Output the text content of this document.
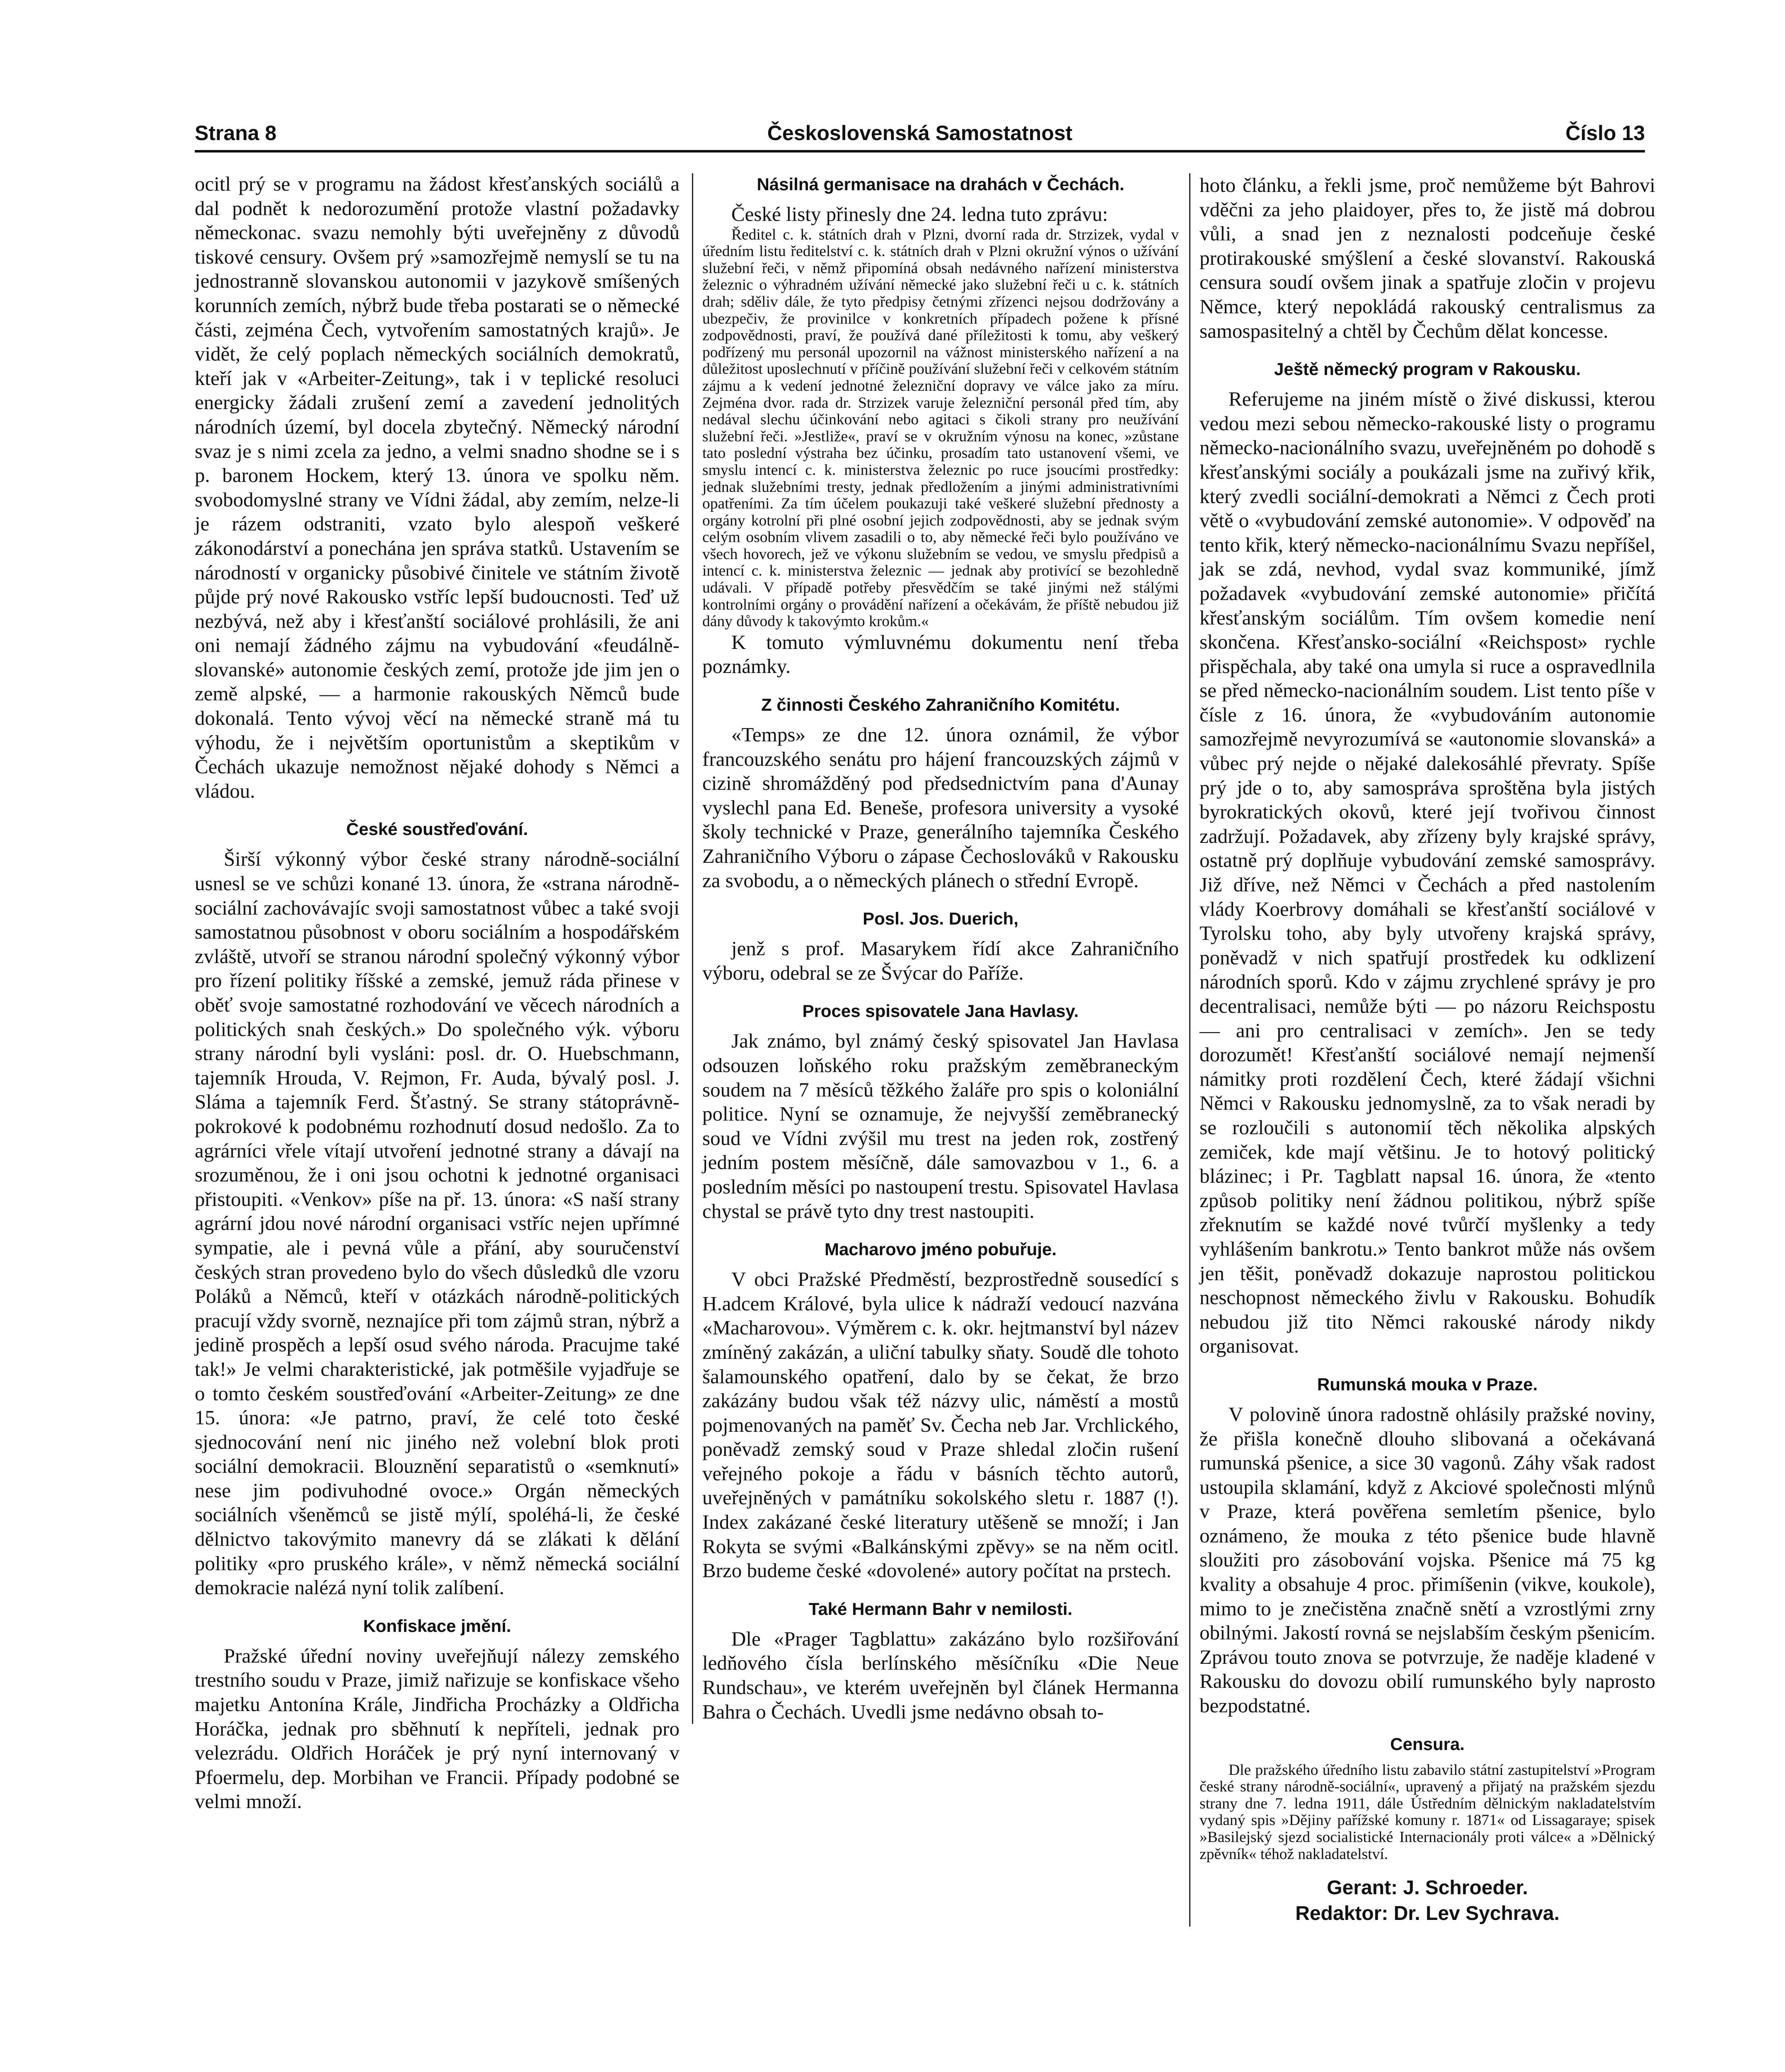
Strana 8	Československá Samostatnost	Číslo 13

ocitl prý se v programu na žádost křesťanských sociálů a dal podnět k nedorozumění protože vlastní požadavky německonac. svazu nemohly býti uveřejněny z důvodů tiskové censury. Ovšem prý »samozřejmě nemyslí se tu na jednostranně slovanskou autonomii v jazykově smíšených korunních zemích, nýbrž bude třeba postarati se o německé části, zejména Čech, vytvořením samostatných krajů». Je vidět, že celý poplach německých sociálních demokratů, kteří jak v «Arbeiter-Zeitung», tak i v teplické resoluci energicky žádali zrušení zemí a zavedení jednolitých národních území, byl docela zbytečný. Německý národní svaz je s nimi zcela za jedno, a velmi snadno shodne se i s p. baronem Hockem, který 13. února ve spolku něm. svobodomyslné strany ve Vídni žádal, aby zemím, nelze-li je rázem odstraniti, vzato bylo alespoň veškeré zákonodárství a ponechána jen správa statků. Ustavením se národností v organicky působivé činitele ve státním životě půjde prý nové Rakousko vstříc lepší budoucnosti. Teď už nezbývá, než aby i křesťanští sociálové prohlásili, že ani oni nemají žádného zájmu na vybudování «feudálně-slovanské» autonomie českých zemí, protože jde jim jen o země alpské, — a harmonie rakouských Němců bude dokonalá. Tento vývoj věcí na německé straně má tu výhodu, že i největším oportunistům a skeptikům v Čechách ukazuje nemožnost nějaké dohody s Němci a vládou.

České soustřeďování.

Širší výkonný výbor české strany národně-sociální usnesl se ve schůzi konané 13. února, že «strana národně-sociální zachovávajíc svoji samostatnost vůbec a také svoji samostatnou působnost v oboru sociálním a hospodářském zvláště, utvoří se stranou národní společný výkonný výbor pro řízení politiky říšské a zemské, jemuž ráda přinese v oběť svoje samostatné rozhodování ve věcech národních a politických snah českých.» Do společného výk. výboru strany národní byli vysláni: posl. dr. O. Huebschmann, tajemník Hrouda, V. Rejmon, Fr. Auda, bývalý posl. J. Sláma a tajemník Ferd. Šťastný. Se strany státoprávně-pokrokové k podobnému rozhodnutí dosud nedošlo. Za to agrárníci vřele vítají utvoření jednotné strany a dávají na srozuměnou, že i oni jsou ochotni k jednotné organisaci přistoupiti. «Venkov» píše na př. 13. února: «S naší strany agrární jdou nové národní organisaci vstříc nejen upřímné sympatie, ale i pevná vůle a přání, aby souručenství českých stran provedeno bylo do všech důsledků dle vzoru Poláků a Němců, kteří v otázkách národně-politických pracují vždy svorně, neznajíce při tom zájmů stran, nýbrž a jedině prospěch a lepší osud svého národa. Pracujme také tak!» Je velmi charakteristické, jak potměšile vyjadřuje se o tomto českém soustřeďování «Arbeiter-Zeitung» ze dne 15. února: «Je patrno, praví, že celé toto české sjednocování není nic jiného než volební blok proti sociální demokracii. Blouznění separatistů o «semknutí» nese jim podivuhodné ovoce.» Orgán německých sociálních všeněmců se jistě mýlí, spoléhá-li, že české dělnictvo takovýmito manevry dá se zlákati k dělání politiky «pro pruského krále», v němž německá sociální demokracie nalézá nyní tolik zalíbení.

Konfiskace jmění.

Pražské úřední noviny uveřejňují nálezy zemského trestního soudu v Praze, jimiž nařizuje se konfiskace všeho majetku Antonína Krále, Jindřicha Procházky a Oldřicha Horáčka, jednak pro sběhnutí k nepříteli, jednak pro velezrádu. Oldřich Horáček je prý nyní internovaný v Pfoermelu, dep. Morbihan ve Francii. Případy podobné se velmi množí.

Násilná germanisace na drahách v Čechách.

České listy přinesly dne 24. ledna tuto zprávu:

Ředitel c. k. státních drah v Plzni, dvorní rada dr. Strzizek, vydal v úředním listu ředitelství c. k. státních drah v Plzni okružní výnos o užívání služební řeči, v němž připomíná obsah nedávného nařízení ministerstva železnic o výhradném užívání německé jako služební řeči u c. k. státních drah; sděliv dále, že tyto předpisy četnými zřízenci nejsou dodržovány a ubezpečiv, že provinilce v konkretních případech požene k přísné zodpovědnosti, praví, že používá dané příležitosti k tomu, aby veškerý podřízený mu personál upozornil na vážnost ministerského nařízení a na důležitost uposlechnutí v příčině používání služební řeči v celkovém státním zájmu a k vedení jednotné železniční dopravy ve válce jako za míru. Zejména dvor. rada dr. Strzizek varuje železniční personál před tím, aby nedával slechu účinkování nebo agitaci s čikoli strany pro neužívání služební řeči. »Jestliže«, praví se v okružním výnosu na konec, »zůstane tato poslední výstraha bez účinku, prosadím tato ustanovení všemi, ve smyslu intencí c. k. ministerstva železnic po ruce jsoucími prostředky: jednak služebními tresty, jednak předložením a jinými administrativními opatřeními. Za tím účelem poukazuji také veškeré služební přednosty a orgány kotrolní při plné osobní jejich zodpovědnosti, aby se jednak svým celým osobním vlivem zasadili o to, aby německé řeči bylo používáno ve všech hovorech, jež ve výkonu služebním se vedou, ve smyslu předpisů a intencí c. k. ministerstva železnic — jednak aby protivící se bezohledně udávali. V případě potřeby přesvědčím se také jinými než stálými kontrolními orgány o provádění nařízení a očekávám, že příště nebudou již dány důvody k takovýmto krokům.«

K tomuto výmluvnému dokumentu není třeba poznámky.

Z činnosti Českého Zahraničního Komitétu.

«Temps» ze dne 12. února oznámil, že výbor francouzského senátu pro hájení francouzských zájmů v cizině shromážděný pod předsednictvím pana d'Aunay vyslechl pana Ed. Beneše, profesora university a vysoké školy technické v Praze, generálního tajemníka Českého Zahraničního Výboru o zápase Čechoslováků v Rakousku za svobodu, a o německých plánech o střední Evropě.

Posl. Jos. Duerich,

jenž s prof. Masarykem řídí akce Zahraničního výboru, odebral se ze Švýcar do Paříže.

Proces spisovatele Jana Havlasy.

Jak známo, byl známý český spisovatel Jan Havlasa odsouzen loňského roku pražským zeměbraneckým soudem na 7 měsíců těžkého žaláře pro spis o koloniální politice. Nyní se oznamuje, že nejvyšší zeměbranecký soud ve Vídni zvýšil mu trest na jeden rok, zostřený jedním postem měsíčně, dále samovazbou v 1., 6. a posledním měsíci po nastoupení trestu. Spisovatel Havlasa chystal se právě tyto dny trest nastoupiti.

Macharovo jméno pobuřuje.

V obci Pražské Předměstí, bezprostředně sousedící s H.adcem Králové, byla ulice k nádraží vedoucí nazvána «Macharovou». Výměrem c. k. okr. hejtmanství byl název zmíněný zakázán, a uliční tabulky sňaty. Soudě dle tohoto šalamounského opatření, dalo by se čekat, že brzo zakázány budou však též názvy ulic, náměstí a mostů pojmenovaných na paměť Sv. Čecha neb Jar. Vrchlického, poněvadž zemský soud v Praze shledal zločin rušení veřejného pokoje a řádu v básních těchto autorů, uveřejněných v památníku sokolského sletu r. 1887 (!). Index zakázané české literatury utěšeně se množí; i Jan Rokyta se svými «Balkánskými zpěvy» se na něm ocitl. Brzo budeme české «dovolené» autory počítat na prstech.

Také Hermann Bahr v nemilosti.

Dle «Prager Tagblattu» zakázáno bylo rozšiřování ledňového čísla berlínského měsíčníku «Die Neue Rundschau», ve kterém uveřejněn byl článek Hermanna Bahra o Čechách. Uvedli jsme nedávno obsah to-

hoto článku, a řekli jsme, proč nemůžeme být Bahrovi vděčni za jeho plaidoyer, přes to, že jistě má dobrou vůli, a snad jen z neznalosti podceňuje české protirakouské smýšlení a české slovanství. Rakouská censura soudí ovšem jinak a spatřuje zločin v projevu Němce, který nepokládá rakouský centralismus za samospasitelný a chtěl by Čechům dělat koncesse.

Ještě německý program v Rakousku.

Referujeme na jiném místě o živé diskussi, kterou vedou mezi sebou německo-rakouské listy o programu německo-nacionálního svazu, uveřejněném po dohodě s křesťanskými sociály a poukázali jsme na zuřivý křik, který zvedli sociální-demokrati a Němci z Čech proti větě o «vybudování zemské autonomie». V odpověď na tento křik, který německo-nacionálnímu Svazu nepříšel, jak se zdá, nevhod, vydal svaz kommuniké, jímž požadavek «vybudování zemské autonomie» přičítá křesťanským sociálům. Tím ovšem komedie není skončena. Křesťansko-sociální «Reichspost» rychle přispěchala, aby také ona umyla si ruce a ospravedlnila se před německo-nacionálním soudem. List tento píše v čísle z 16. února, že «vybudováním autonomie samozřejmě nevyrozumívá se «autonomie slovanská» a vůbec prý nejde o nějaké dalekosáhlé převraty. Spíše prý jde o to, aby samospráva sproštěna byla jistých byrokratických okovů, které její tvořivou činnost zadržují. Požadavek, aby zřízeny byly krajské správy, ostatně prý doplňuje vybudování zemské samosprávy. Již dříve, než Němci v Čechách a před nastolením vlády Koerbrovy domáhali se křesťanští sociálové v Tyrolsku toho, aby byly utvořeny krajská správy, poněvadž v nich spatřují prostředek ku odklizení národních sporů. Kdo v zájmu zrychlené správy je pro decentralisaci, nemůže býti — po názoru Reichspostu — ani pro centralisaci v zemích». Jen se tedy dorozumět! Křesťanští sociálové nemají nejmenší námitky proti rozdělení Čech, které žádají všichni Němci v Rakousku jednomyslně, za to však neradi by se rozloučili s autonomií těch několika alpských zemiček, kde mají většinu. Je to hotový politický blázinec; i Pr. Tagblatt napsal 16. února, že «tento způsob politiky není žádnou politikou, nýbrž spíše zřeknutím se každé nové tvůrčí myšlenky a tedy vyhlášením bankrotu.» Tento bankrot může nás ovšem jen těšit, poněvadž dokazuje naprostou politickou neschopnost německého živlu v Rakousku. Bohudík nebudou již tito Němci rakouské národy nikdy organisovat.

Rumunská mouka v Praze.

V polovině února radostně ohlásily pražské noviny, že přišla konečně dlouho slibovaná a očekávaná rumunská pšenice, a sice 30 vagonů. Záhy však radost ustoupila sklamání, když z Akciové společnosti mlýnů v Praze, která pověřena semletím pšenice, bylo oznámeno, že mouka z této pšenice bude hlavně sloužiti pro zásobování vojska. Pšenice má 75 kg kvality a obsahuje 4 proc. přimíšenin (vikve, koukole), mimo to je znečistěna značně snětí a vzrostlými zrny obilnými. Jakostí rovná se nejslabším českým pšenicím. Zprávou touto znova se potvrzuje, že naděje kladené v Rakousku do dovozu obilí rumunského byly naprosto bezpodstatné.

Censura.

Dle pražského úředního listu zabavilo státní zastupitelství »Program české strany národně-sociální«, upravený a přijatý na pražském sjezdu strany dne 7. ledna 1911, dále Ústředním dělnickým nakladatelstvím vydaný spis »Dějiny pařížské komuny r. 1871« od Lissagaraye; spisek »Basilejský sjezd socialistické Internacionály proti válce« a »Dělnický zpěvník« téhož nakladatelství.

Gerant: J. Schroeder.
Redaktor: Dr. Lev Sychrava.
